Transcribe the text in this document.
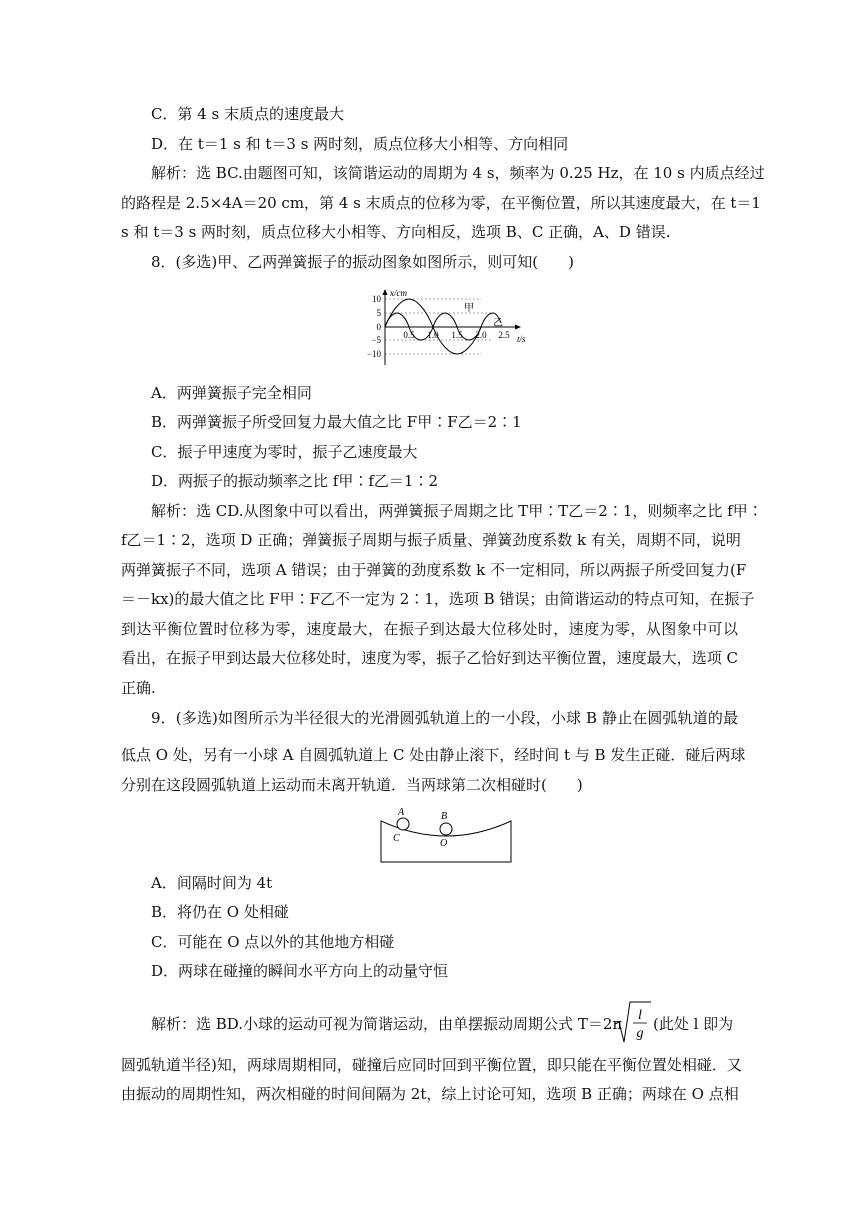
C．第 4 s 末质点的速度最大
D．在 t＝1 s 和 t＝3 s 两时刻，质点位移大小相等、方向相同
解析：选 BC.由题图可知，该简谐运动的周期为 4 s，频率为 0.25 Hz，在 10 s 内质点经过
的路程是 2.5×4A＝20 cm，第 4 s 末质点的位移为零，在平衡位置，所以其速度最大，在 t＝1
s 和 t＝3 s 两时刻，质点位移大小相等、方向相反，选项 B、C 正确，A、D 错误.
8．(多选)甲、乙两弹簧振子的振动图象如图所示，则可知(　　)
x/cm
t/s
10
5
0
−5
−10
0.5 1.0 1.5 2.0 2.5
甲
乙
A．两弹簧振子完全相同
B．两弹簧振子所受回复力最大值之比 F甲∶F乙＝2∶1
C．振子甲速度为零时，振子乙速度最大
D．两振子的振动频率之比 f甲∶f乙＝1∶2
解析：选 CD.从图象中可以看出，两弹簧振子周期之比 T甲∶T乙＝2∶1，则频率之比 f甲∶
f乙＝1∶2，选项 D 正确；弹簧振子周期与振子质量、弹簧劲度系数 k 有关，周期不同，说明
两弹簧振子不同，选项 A 错误；由于弹簧的劲度系数 k 不一定相同，所以两振子所受回复力(F
＝－kx)的最大值之比 F甲∶F乙不一定为 2∶1，选项 B 错误；由简谐运动的特点可知，在振子
到达平衡位置时位移为零，速度最大，在振子到达最大位移处时，速度为零，从图象中可以
看出，在振子甲到达最大位移处时，速度为零，振子乙恰好到达平衡位置，速度最大，选项 C
正确.
9．(多选)如图所示为半径很大的光滑圆弧轨道上的一小段，小球 B 静止在圆弧轨道的最
低点 O 处，另有一小球 A 自圆弧轨道上 C 处由静止滚下，经时间 t 与 B 发生正碰．碰后两球
分别在这段圆弧轨道上运动而未离开轨道．当两球第二次相碰时(　　)
A	B
C	O
A．间隔时间为 4t
B．将仍在 O 处相碰
C．可能在 O 点以外的其他地方相碰
D．两球在碰撞的瞬间水平方向上的动量守恒
解析：选 BD.小球的运动可视为简谐运动，由单摆振动周期公式 T＝2π l
g
(此处 l 即为
圆弧轨道半径)知，两球周期相同，碰撞后应同时回到平衡位置，即只能在平衡位置处相碰．又
由振动的周期性知，两次相碰的时间间隔为 2t，综上讨论可知，选项 B 正确；两球在 O 点相
